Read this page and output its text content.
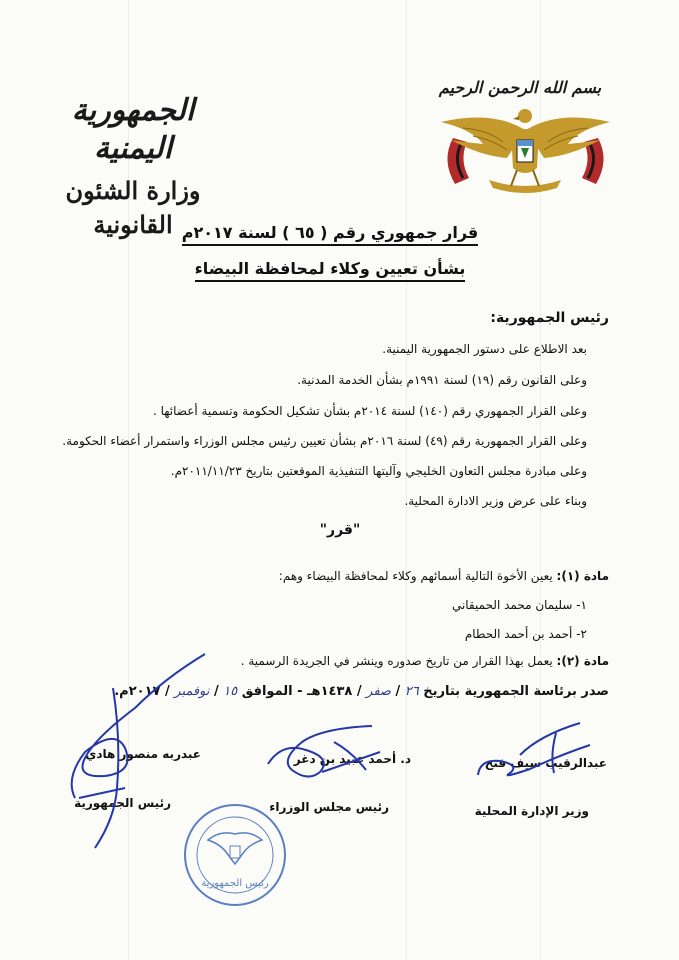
الجمهورية اليمنية
وزارة الشئون القانونية
بسم الله الرحمن الرحيم
قرار جمهوري رقم ( ٦٥ ) لسنة ٢٠١٧م
بشأن تعيين وكلاء لمحافظة البيضاء
رئيس الجمهورية:
بعد الاطلاع على دستور الجمهورية اليمنية.
وعلى القانون رقم (١٩) لسنة ١٩٩١م بشأن الخدمة المدنية.
وعلى القرار الجمهوري رقم (١٤٠) لسنة ٢٠١٤م بشأن تشكيل الحكومة وتسمية أعضائها .
وعلى القرار الجمهورية رقم (٤٩) لسنة ٢٠١٦م بشأن تعيين رئيس مجلس الوزراء واستمرار أعضاء الحكومة.
وعلى مبادرة مجلس التعاون الخليجي وآليتها التنفيذية الموقعتين بتاريخ ٢٠١١/١١/٢٣م.
وبناء على عرض وزير الادارة المحلية.
"قرر"
مادة (١): يعين الأخوة التالية أسمائهم وكلاء لمحافظة البيضاء وهم:
١- سليمان محمد الحميقاني
٢- أحمد بن أحمد الحطام
مادة (٢): يعمل بهذا القرار من تاريخ صدوره وينشر في الجريدة الرسمية .
صدر برئاسة الجمهورية بتاريخ ٢٦ / صفر / ١٤٣٨هـ - الموافق ١٥ / نوفمبر / ٢٠١٧م.
عبدالرقيب سيف فتح
وزير الإدارة المحلية
د. أحمد عبيد بن دغر
رئيس مجلس الوزراء
عبدربه منصور هادي
رئيس الجمهورية
رئيس الجمهورية
